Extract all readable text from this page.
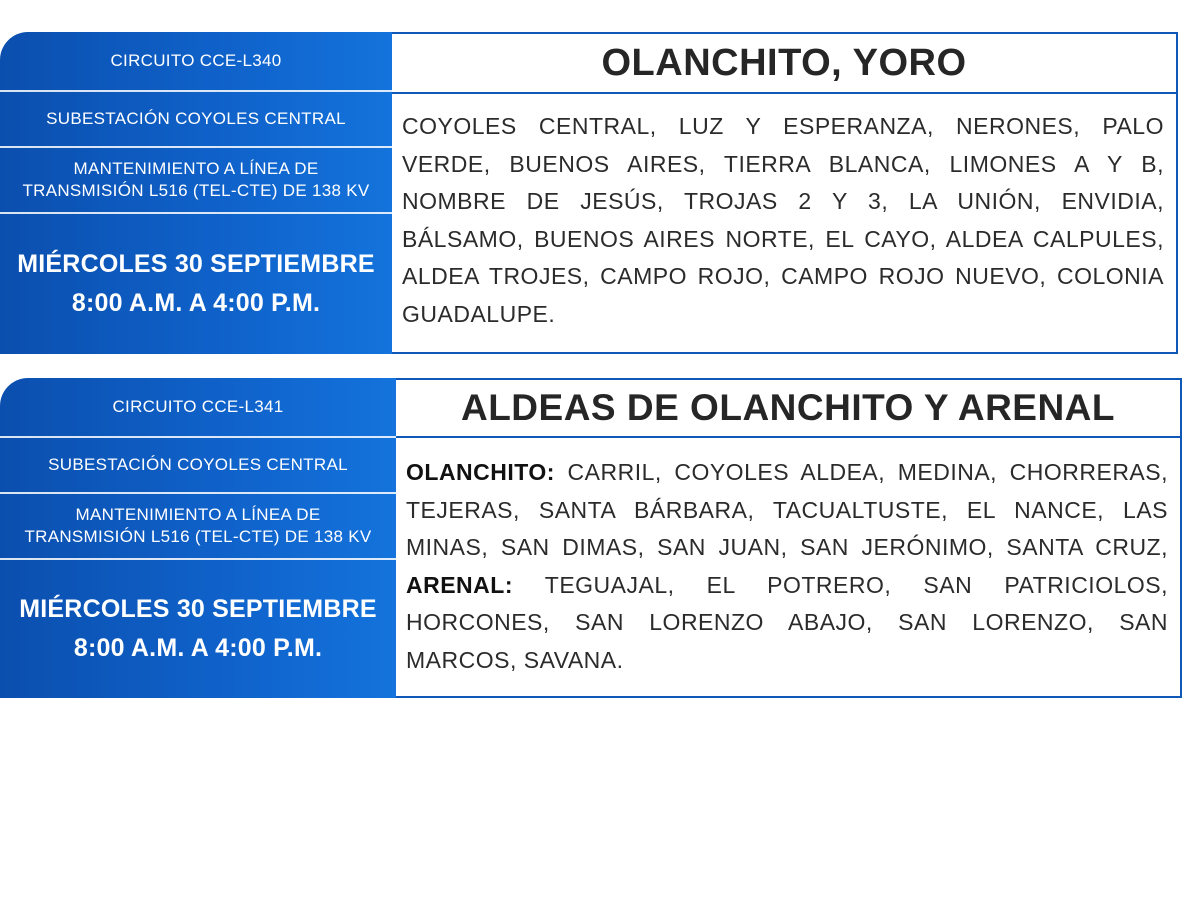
CIRCUITO CCE-L340
SUBESTACIÓN COYOLES CENTRAL
MANTENIMIENTO A LÍNEA DE
TRANSMISIÓN L516 (TEL-CTE) DE 138 KV
MIÉRCOLES 30 SEPTIEMBRE
8:00 A.M. A 4:00 P.M.
OLANCHITO, YORO
COYOLES CENTRAL, LUZ Y ESPERANZA, NERONES, PALO VERDE, BUENOS AIRES, TIERRA BLANCA, LIMONES A Y B, NOMBRE DE JESÚS, TROJAS 2 Y 3, LA UNIÓN, ENVIDIA, BÁLSAMO, BUENOS AIRES NORTE, EL CAYO, ALDEA CALPULES, ALDEA TROJES, CAMPO ROJO, CAMPO ROJO NUEVO, COLONIA GUADALUPE.
CIRCUITO CCE-L341
SUBESTACIÓN COYOLES CENTRAL
MANTENIMIENTO A LÍNEA DE
TRANSMISIÓN L516 (TEL-CTE) DE 138 KV
MIÉRCOLES 30 SEPTIEMBRE
8:00 A.M. A 4:00 P.M.
ALDEAS DE OLANCHITO Y ARENAL
OLANCHITO: CARRIL, COYOLES ALDEA, MEDINA, CHORRERAS, TEJERAS, SANTA BÁRBARA, TACUALTUSTE, EL NANCE, LAS MINAS, SAN DIMAS, SAN JUAN, SAN JERÓNIMO, SANTA CRUZ, ARENAL: TEGUAJAL, EL POTRERO, SAN PATRICIOLOS, HORCONES, SAN LORENZO ABAJO, SAN LORENZO, SAN MARCOS, SAVANA.
